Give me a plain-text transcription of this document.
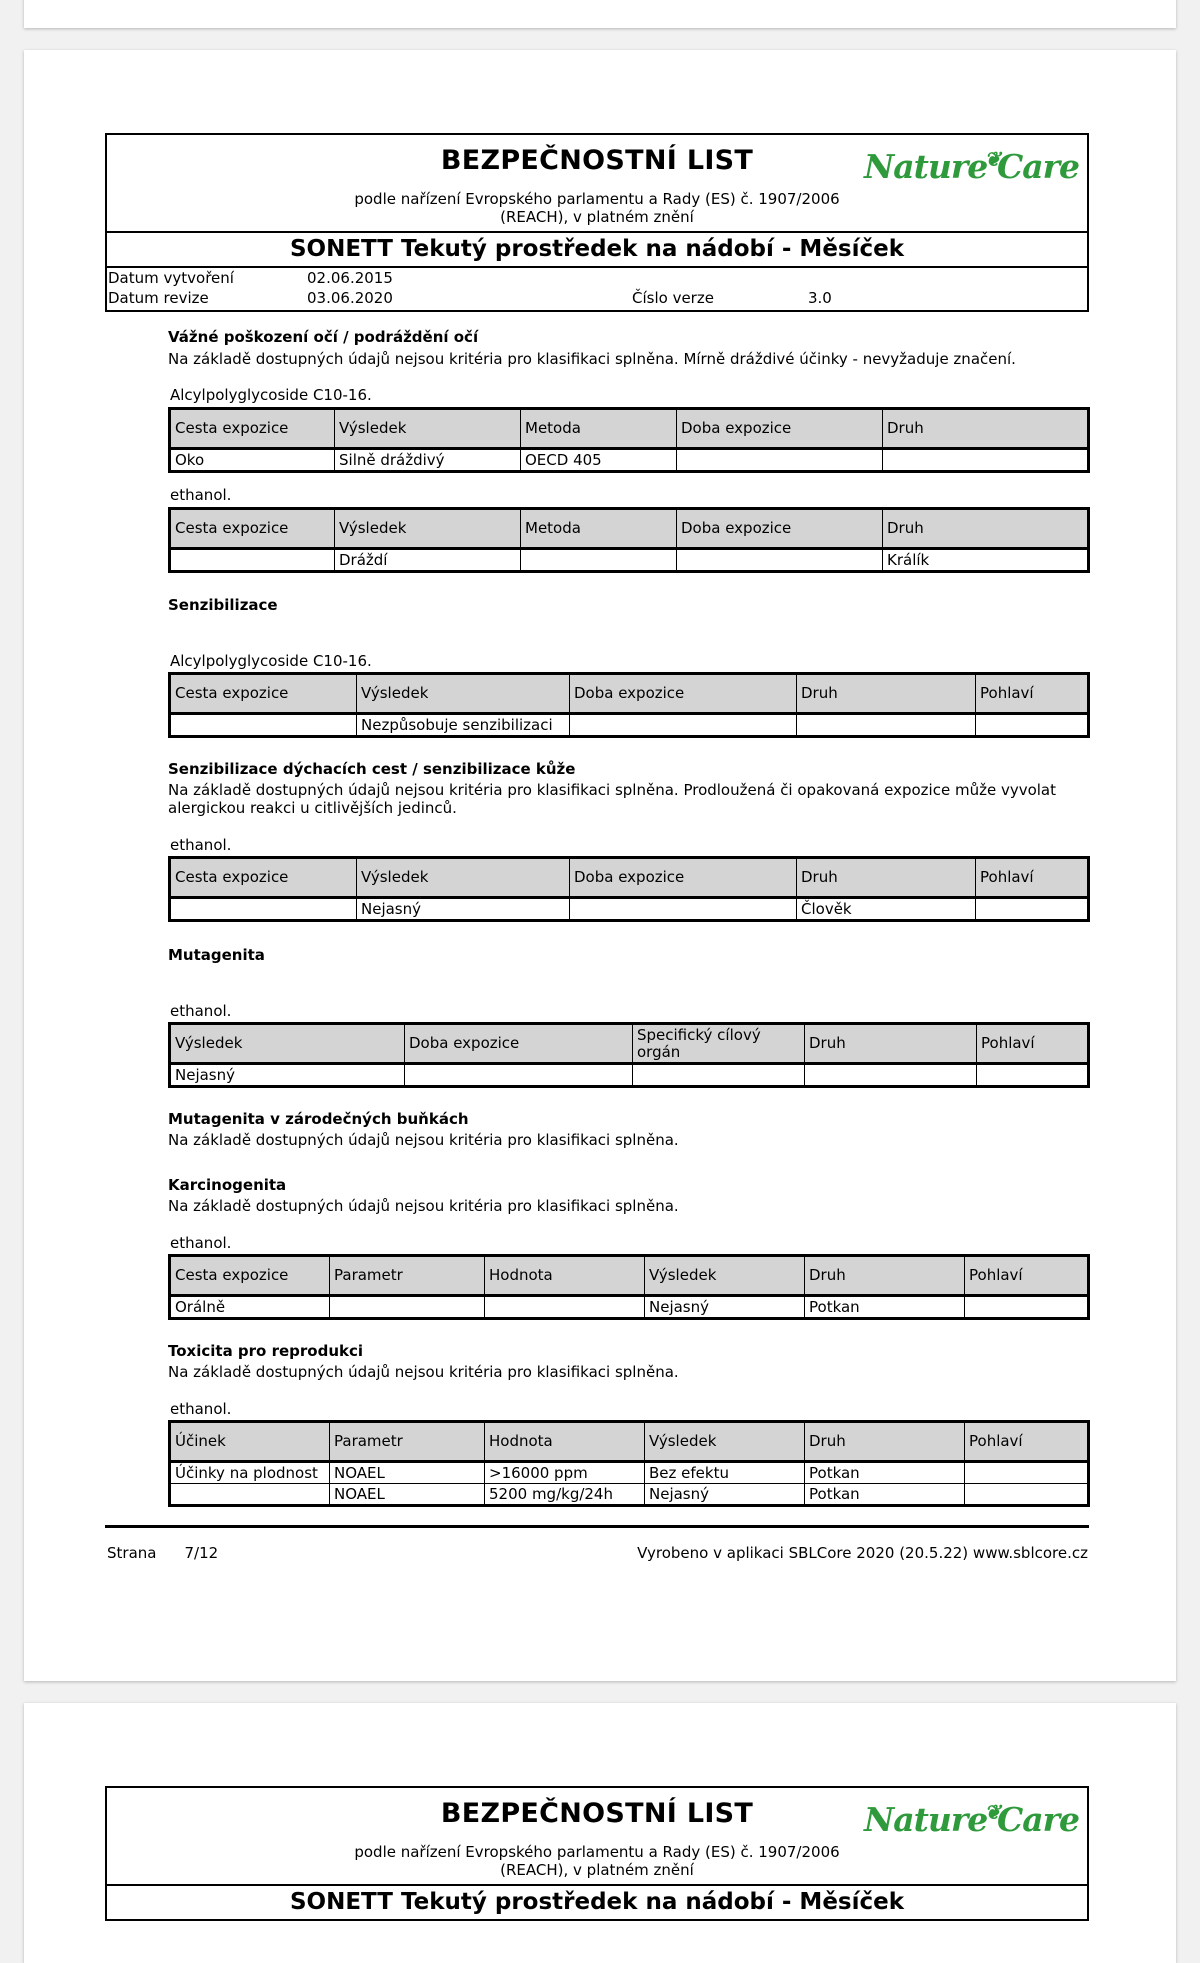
BEZPEČNOSTNÍ LIST
podle nařízení Evropského parlamentu a Rady (ES) č. 1907/2006
(REACH), v platném znění
Nature❦Care
SONETT Tekutý prostředek na nádobí - Měsíček
Datum vytvoření	02.06.2015
Datum revize	03.06.2020	Číslo verze	3.0
Vážné poškození očí / podráždění očí
Na základě dostupných údajů nejsou kritéria pro klasifikaci splněna. Mírně dráždivé účinky - nevyžaduje značení.
Alcylpolyglycoside C10-16.
Cesta expozice	Výsledek	Metoda	Doba expozice	Druh
Oko	Silně dráždivý	OECD 405		
ethanol.
Cesta expozice	Výsledek	Metoda	Doba expozice	Druh
	Dráždí			Králík
Senzibilizace
Alcylpolyglycoside C10-16.
Cesta expozice	Výsledek	Doba expozice	Druh	Pohlaví
	Nezpůsobuje senzibilizaci			
Senzibilizace dýchacích cest / senzibilizace kůže
Na základě dostupných údajů nejsou kritéria pro klasifikaci splněna. Prodloužená či opakovaná expozice může vyvolat alergickou reakci u citlivějších jedinců.
ethanol.
Cesta expozice	Výsledek	Doba expozice	Druh	Pohlaví
	Nejasný		Člověk	
Mutagenita
ethanol.
Výsledek	Doba expozice	Specifický cílový orgán	Druh	Pohlaví
Nejasný				
Mutagenita v zárodečných buňkách
Na základě dostupných údajů nejsou kritéria pro klasifikaci splněna.
Karcinogenita
Na základě dostupných údajů nejsou kritéria pro klasifikaci splněna.
ethanol.
Cesta expozice	Parametr	Hodnota	Výsledek	Druh	Pohlaví
Orálně			Nejasný	Potkan	
Toxicita pro reprodukci
Na základě dostupných údajů nejsou kritéria pro klasifikaci splněna.
ethanol.
Účinek	Parametr	Hodnota	Výsledek	Druh	Pohlaví
Účinky na plodnost	NOAEL	>16000 ppm	Bez efektu	Potkan	
	NOAEL	5200 mg/kg/24h	Nejasný	Potkan	
Strana 7/12	Vyrobeno v aplikaci SBLCore 2020 (20.5.22) www.sblcore.cz
BEZPEČNOSTNÍ LIST
podle nařízení Evropského parlamentu a Rady (ES) č. 1907/2006
(REACH), v platném znění
Nature❦Care
SONETT Tekutý prostředek na nádobí - Měsíček
